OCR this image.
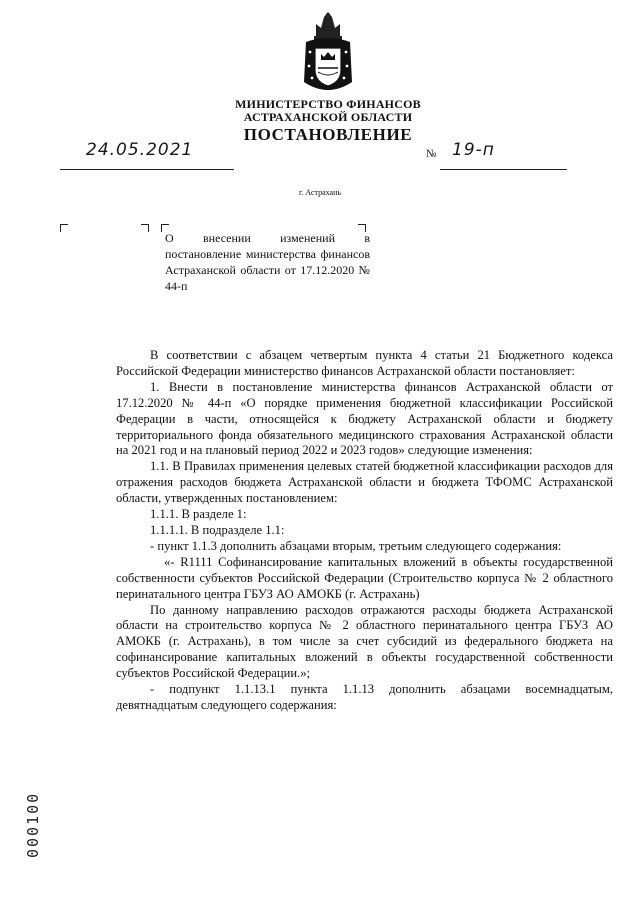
МИНИСТЕРСТВО ФИНАНСОВ
АСТРАХАНСКОЙ ОБЛАСТИ
ПОСТАНОВЛЕНИЕ
24.05.2021	№ 19-п
г. Астрахань
О внесении изменений в постановление министерства финансов Астраханской области от 17.12.2020 № 44-п

В соответствии с абзацем четвертым пункта 4 статьи 21 Бюджетного кодекса Российской Федерации министерство финансов Астраханской области постановляет:

1. Внести в постановление министерства финансов Астраханской области от 17.12.2020 № 44-п «О порядке применения бюджетной классификации Российской Федерации в части, относящейся к бюджету Астраханской области и бюджету территориального фонда обязательного медицинского страхования Астраханской области на 2021 год и на плановый период 2022 и 2023 годов» следующие изменения:

1.1. В Правилах применения целевых статей бюджетной классификации расходов для отражения расходов бюджета Астраханской области и бюджета ТФОМС Астраханской области, утвержденных постановлением:

1.1.1. В разделе 1:

1.1.1.1. В подразделе 1.1:

- пункт 1.1.3 дополнить абзацами вторым, третьим следующего содержания:

«- R1111 Софинансирование капитальных вложений в объекты государственной собственности субъектов Российской Федерации (Строительство корпуса № 2 областного перинатального центра ГБУЗ АО АМОКБ (г. Астрахань)

По данному направлению расходов отражаются расходы бюджета Астраханской области на строительство корпуса № 2 областного перинатального центра ГБУЗ АО АМОКБ (г. Астрахань), в том числе за счет субсидий из федерального бюджета на софинансирование капитальных вложений в объекты государственной собственности субъектов Российской Федерации.»;

- подпункт 1.1.13.1 пункта 1.1.13 дополнить абзацами восемнадцатым, девятнадцатым следующего содержания:

000100
